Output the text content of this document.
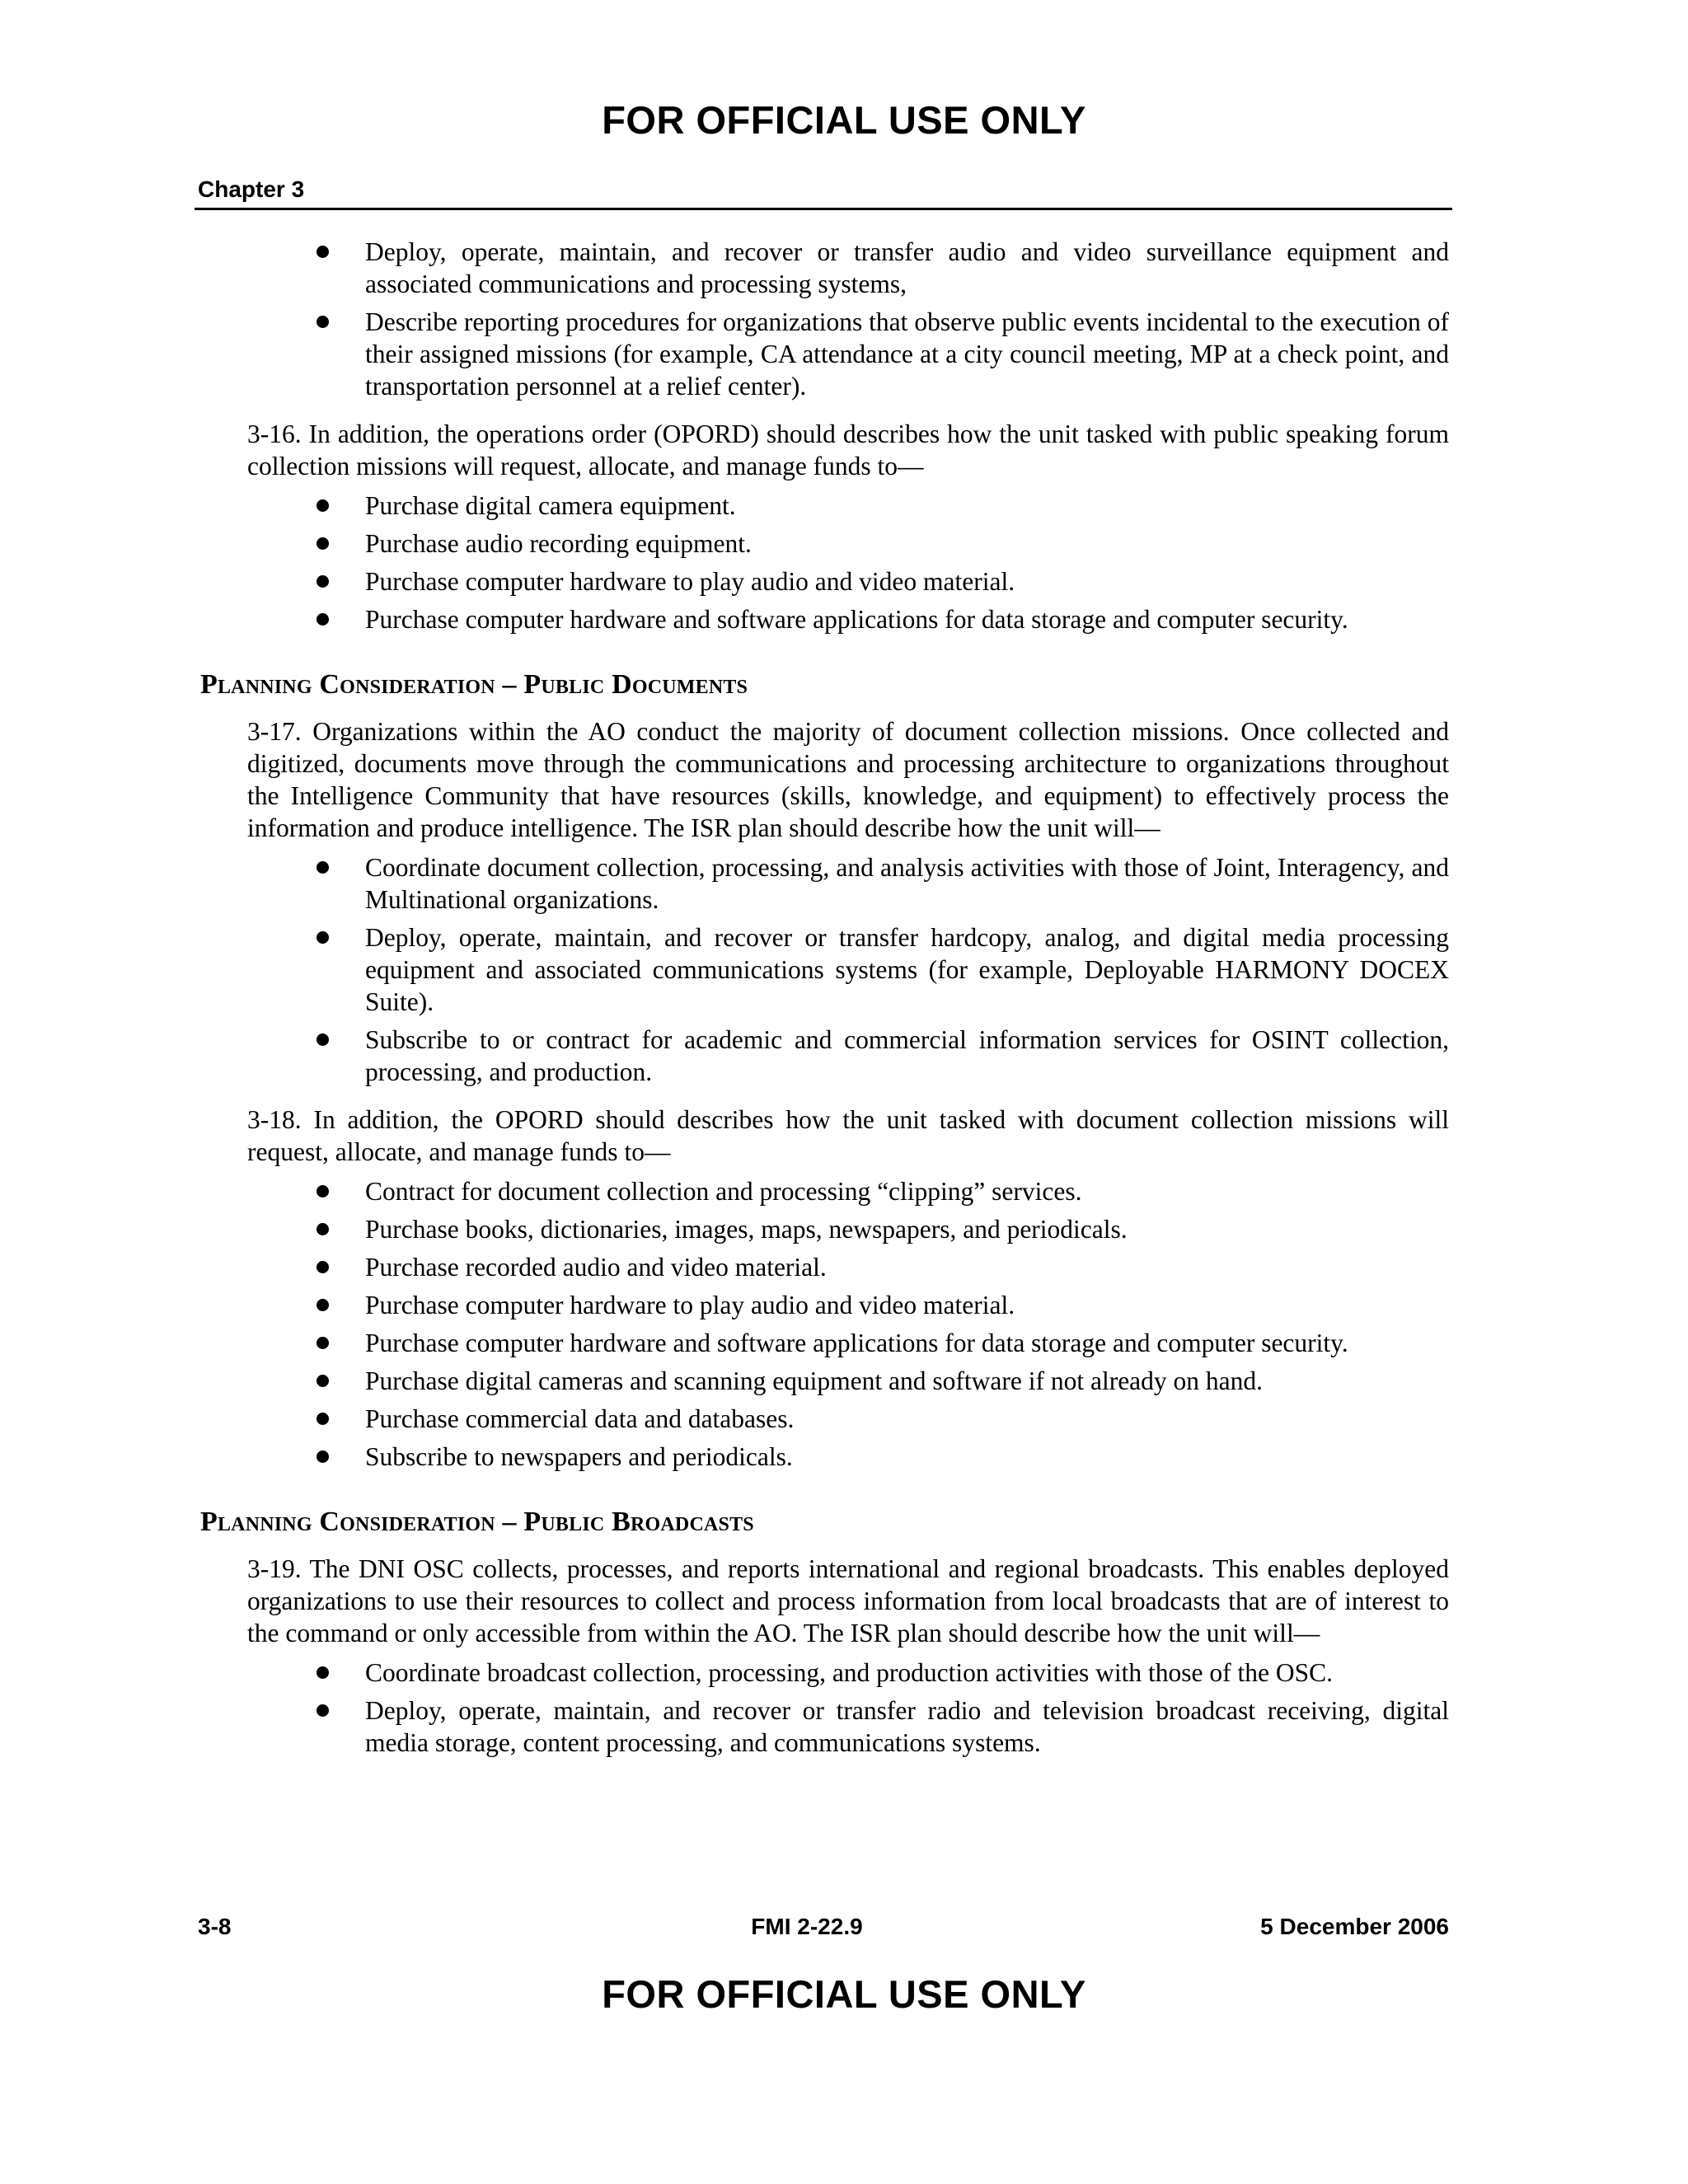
FOR OFFICIAL USE ONLY
Chapter 3
Deploy, operate, maintain, and recover or transfer audio and video surveillance equipment and associated communications and processing systems,
Describe reporting procedures for organizations that observe public events incidental to the execution of their assigned missions (for example, CA attendance at a city council meeting, MP at a check point, and transportation personnel at a relief center).

3-16. In addition, the operations order (OPORD) should describes how the unit tasked with public speaking forum collection missions will request, allocate, and manage funds to—

Purchase digital camera equipment.
Purchase audio recording equipment.
Purchase computer hardware to play audio and video material.
Purchase computer hardware and software applications for data storage and computer security.
Planning Consideration – Public Documents

3-17. Organizations within the AO conduct the majority of document collection missions. Once collected and digitized, documents move through the communications and processing architecture to organizations throughout the Intelligence Community that have resources (skills, knowledge, and equipment) to effectively process the information and produce intelligence. The ISR plan should describe how the unit will—

Coordinate document collection, processing, and analysis activities with those of Joint, Interagency, and Multinational organizations.
Deploy, operate, maintain, and recover or transfer hardcopy, analog, and digital media processing equipment and associated communications systems (for example, Deployable HARMONY DOCEX Suite).
Subscribe to or contract for academic and commercial information services for OSINT collection, processing, and production.

3-18. In addition, the OPORD should describes how the unit tasked with document collection missions will request, allocate, and manage funds to—

Contract for document collection and processing “clipping” services.
Purchase books, dictionaries, images, maps, newspapers, and periodicals.
Purchase recorded audio and video material.
Purchase computer hardware to play audio and video material.
Purchase computer hardware and software applications for data storage and computer security.
Purchase digital cameras and scanning equipment and software if not already on hand.
Purchase commercial data and databases.
Subscribe to newspapers and periodicals.
Planning Consideration – Public Broadcasts

3-19. The DNI OSC collects, processes, and reports international and regional broadcasts. This enables deployed organizations to use their resources to collect and process information from local broadcasts that are of interest to the command or only accessible from within the AO. The ISR plan should describe how the unit will—

Coordinate broadcast collection, processing, and production activities with those of the OSC.
Deploy, operate, maintain, and recover or transfer radio and television broadcast receiving, digital media storage, content processing, and communications systems.
3-8	FMI 2-22.9	5 December 2006
FOR OFFICIAL USE ONLY
